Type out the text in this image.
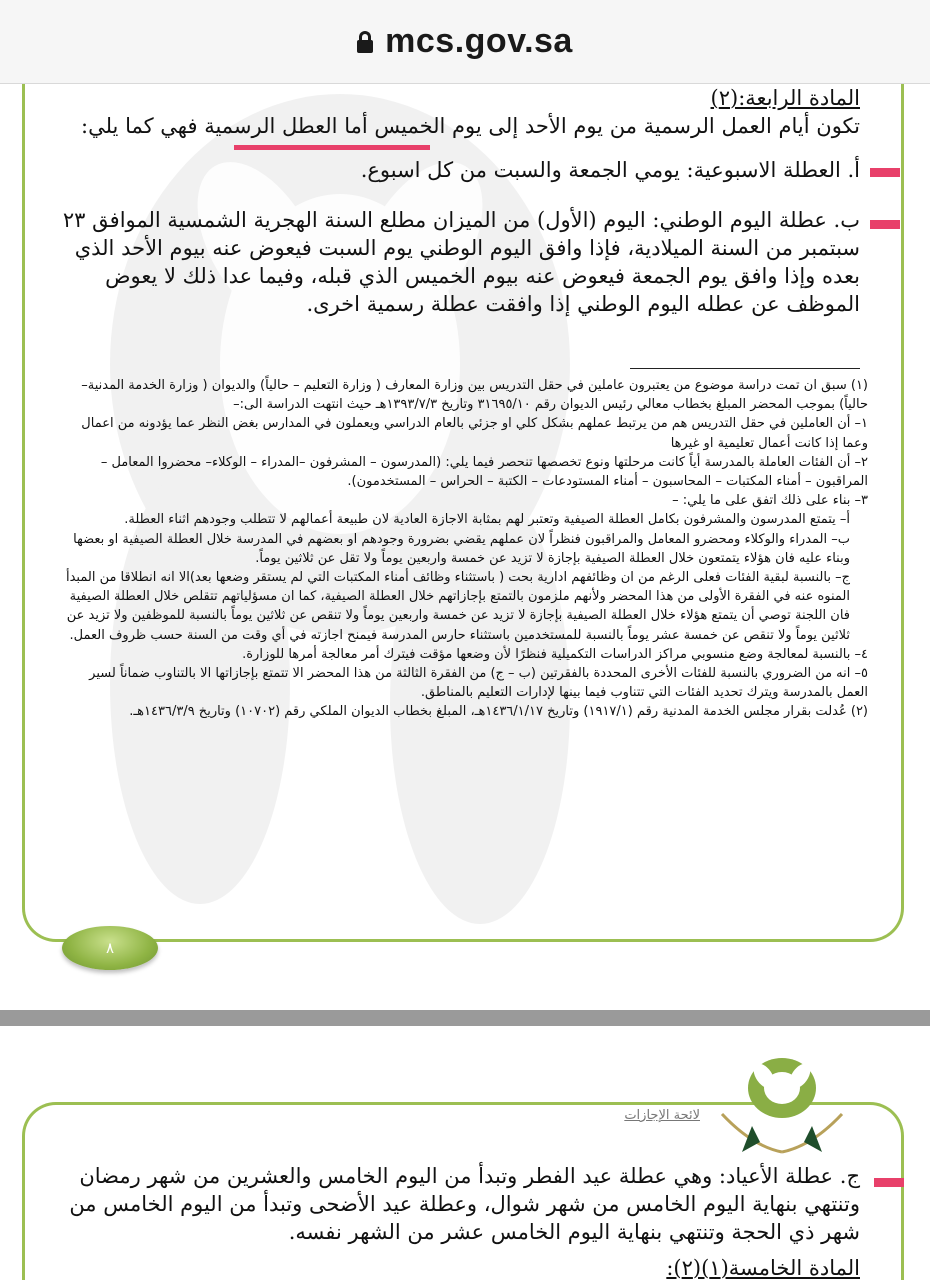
mcs.gov.sa
المادة الرابعة:(٢)
تكون أيام العمل الرسمية من يوم الأحد إلى يوم الخميس أما العطل الرسمية فهي كما يلي:
أ. العطلة الاسبوعية: يومي الجمعة والسبت من كل اسبوع.
ب. عطلة اليوم الوطني: اليوم (الأول) من الميزان مطلع السنة الهجرية الشمسية الموافق ٢٣ سبتمبر من السنة الميلادية، فإذا وافق اليوم الوطني يوم السبت فيعوض عنه بيوم الأحد الذي بعده وإذا وافق يوم الجمعة فيعوض عنه بيوم الخميس الذي قبله، وفيما عدا ذلك لا يعوض الموظف عن عطله اليوم الوطني إذا وافقت عطلة رسمية اخرى.

(١) سبق ان تمت دراسة موضوع من يعتبرون عاملين في حقل التدريس بين وزارة المعارف ( وزارة التعليم – حالياً) والديوان ( وزارة الخدمة المدنية– حالياً) بموجب المحضر المبلغ بخطاب معالي رئيس الديوان رقم ٣١٦٩٥/١٠ وتاريخ ١٣٩٣/٧/٣هـ حيث انتهت الدراسة الى:–

١– أن العاملين في حقل التدريس هم من يرتبط عملهم بشكل كلي او جزئي بالعام الدراسي ويعملون في المدارس بغض النظر عما يؤدونه من اعمال وعما إذا كانت أعمال تعليمية او غيرها

٢– أن الفئات العاملة بالمدرسة أياً كانت مرحلتها ونوع تخصصها تنحصر فيما يلي: (المدرسون – المشرفون –المدراء – الوكلاء– محضروا المعامل – المراقبون – أمناء المكتبات – المحاسبون – أمناء المستودعات – الكتبة – الحراس – المستخدمون).

٣– بناء على ذلك اتفق على ما يلي: –

أ– يتمتع المدرسون والمشرفون بكامل العطلة الصيفية وتعتبر لهم بمثابة الاجازة العادية لان طبيعة أعمالهم لا تتطلب وجودهم اثناء العطلة.

ب– المدراء والوكلاء ومحضرو المعامل والمراقبون فنظراً لان عملهم يقضي بضرورة وجودهم او بعضهم في المدرسة خلال العطلة الصيفية او بعضها وبناء عليه فان هؤلاء يتمتعون خلال العطلة الصيفية بإجازة لا تزيد عن خمسة واربعين يوماً ولا تقل عن ثلاثين يوماً.

ج– بالنسبة لبقية الفئات فعلى الرغم من ان وظائفهم ادارية بحت ( باستثناء وظائف أمناء المكتبات التي لم يستقر وضعها بعد)الا انه انطلاقا من المبدأ المنوه عنه في الفقرة الأولى من هذا المحضر ولأنهم ملزمون بالتمتع بإجازاتهم خلال العطلة الصيفية، كما ان مسؤلياتهم تتقلص خلال العطلة الصيفية فان اللجنة توصي أن يتمتع هؤلاء خلال العطلة الصيفية بإجازة لا تزيد عن خمسة واربعين يوماً ولا تنقص عن ثلاثين يوماً بالنسبة للموظفين ولا تزيد عن ثلاثين يوماً ولا تنقص عن خمسة عشر يوماً بالنسبة للمستخدمين باستثناء حارس المدرسة فيمنح اجازته في أي وقت من السنة حسب ظروف العمل.

٤– بالنسبة لمعالجة وضع منسوبي مراكز الدراسات التكميلية فنظرًا لأن وضعها مؤقت فيترك أمر معالجة أمرها للوزارة.

٥– انه من الضروري بالنسبة للفئات الأخرى المحددة بالفقرتين (ب – ج) من الفقرة الثالثة من هذا المحضر الا تتمتع بإجازاتها الا بالتناوب ضماناً لسير العمل بالمدرسة ويترك تحديد الفئات التي تتناوب فيما بينها لإدارات التعليم بالمناطق.

(٢) عُدلت بقرار مجلس الخدمة المدنية رقم (١٩١٧/١) وتاريخ ١٤٣٦/١/١٧هـ، المبلغ بخطاب الديوان الملكي رقم (١٠٧٠٢) وتاريخ ١٤٣٦/٣/٩هـ.

٨
لائحة الإجازات
ج. عطلة الأعياد: وهي عطلة عيد الفطر وتبدأ من اليوم الخامس والعشرين من شهر رمضان وتنتهي بنهاية اليوم الخامس من شهر شوال، وعطلة عيد الأضحى وتبدأ من اليوم الخامس من شهر ذي الحجة وتنتهي بنهاية اليوم الخامس عشر من الشهر نفسه.
المادة الخامسة(١)(٢):
